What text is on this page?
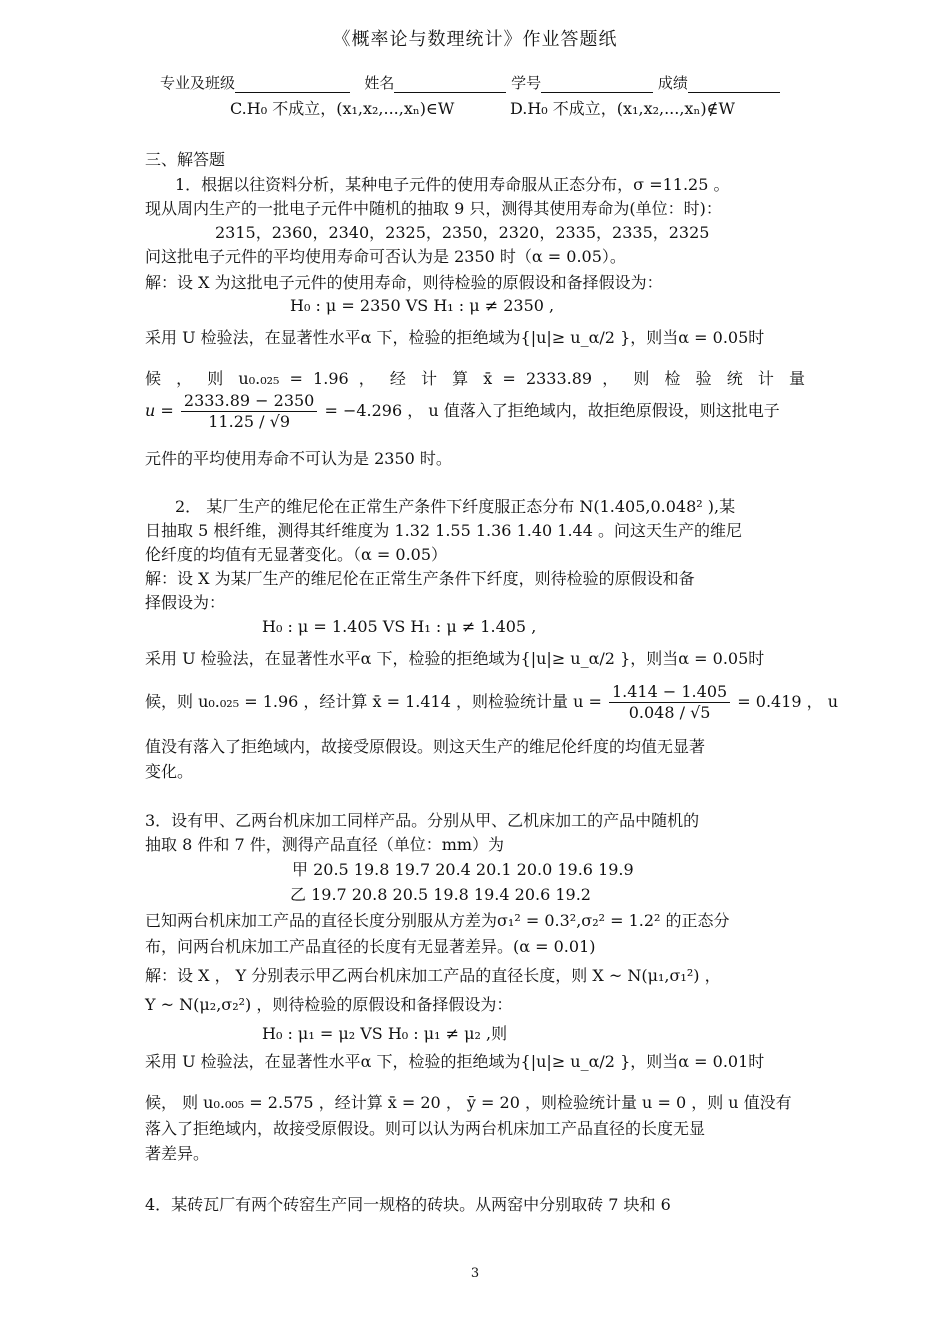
《概率论与数理统计》作业答题纸
专业及班级	姓名	学号	成绩
C.H₀ 不成立，(x₁,x₂,...,xₙ)∈W	D.H₀ 不成立，(x₁,x₂,...,xₙ)∉W
三、解答题
1．根据以往资料分析，某种电子元件的使用寿命服从正态分布，σ =11.25 。
现从周内生产的一批电子元件中随机的抽取 9 只，测得其使用寿命为(单位：时)：
2315，2360，2340，2325，2350，2320，2335，2335，2325
问这批电子元件的平均使用寿命可否认为是 2350 时（α = 0.05）。
解：设 X 为这批电子元件的使用寿命，则待检验的原假设和备择假设为：
H₀ : μ = 2350 VS H₁ : μ ≠ 2350 ,
采用 U 检验法，在显著性水平α 下，检验的拒绝域为{|u|≥ u_α/2 }，则当α = 0.05时
候 ， 则 u₀.₀₂₅ = 1.96 ， 经 计 算 x̄ = 2333.89 ， 则 检 验 统 计 量
$u = \frac{2333.89 - 2350}{11.25 / √9} = -4.296$ ， u 值落入了拒绝域内，故拒绝原假设，则这批电子
元件的平均使用寿命不可认为是 2350 时。
2． 某厂生产的维尼伦在正常生产条件下纤度服正态分布 N(1.405,0.048² ),某
日抽取 5 根纤维，测得其纤维度为 1.32 1.55 1.36 1.40 1.44 。问这天生产的维尼
伦纤度的均值有无显著变化。（α = 0.05）
解：设 X 为某厂生产的维尼伦在正常生产条件下纤度，则待检验的原假设和备
择假设为：
H₀ : μ = 1.405 VS H₁ : μ ≠ 1.405 ,
采用 U 检验法，在显著性水平α 下，检验的拒绝域为{|u|≥ u_α/2 }，则当α = 0.05时
候，则 u₀.₀₂₅ = 1.96 ，经计算 x̄ = 1.414 ，则检验统计量 $u = \frac{1.414 - 1.405}{0.048 / √5} = 0.419$ ， u
值没有落入了拒绝域内，故接受原假设。则这天生产的维尼伦纤度的均值无显著
变化。
3．设有甲、乙两台机床加工同样产品。分别从甲、乙机床加工的产品中随机的
抽取 8 件和 7 件，测得产品直径（单位：mm）为
甲 20.5 19.8 19.7 20.4 20.1 20.0 19.6 19.9
乙 19.7 20.8 20.5 19.8 19.4 20.6 19.2
已知两台机床加工产品的直径长度分别服从方差为σ₁² = 0.3²,σ₂² = 1.2² 的正态分
布，问两台机床加工产品直径的长度有无显著差异。(α = 0.01)
解：设 X ， Y 分别表示甲乙两台机床加工产品的直径长度，则 X ~ N(μ₁,σ₁²) ，
Y ~ N(μ₂,σ₂²) ，则待检验的原假设和备择假设为：
H₀ : μ₁ = μ₂ VS H₀ : μ₁ ≠ μ₂ ,则
采用 U 检验法，在显著性水平α 下，检验的拒绝域为{|u|≥ u_α/2 }，则当α = 0.01时
候， 则 u₀.₀₀₅ = 2.575 ，经计算 x̄ = 20 ， ȳ = 20 ，则检验统计量 u = 0 ，则 u 值没有
落入了拒绝域内，故接受原假设。则可以认为两台机床加工产品直径的长度无显
著差异。
4．某砖瓦厂有两个砖窑生产同一规格的砖块。从两窑中分别取砖 7 块和 6
3
